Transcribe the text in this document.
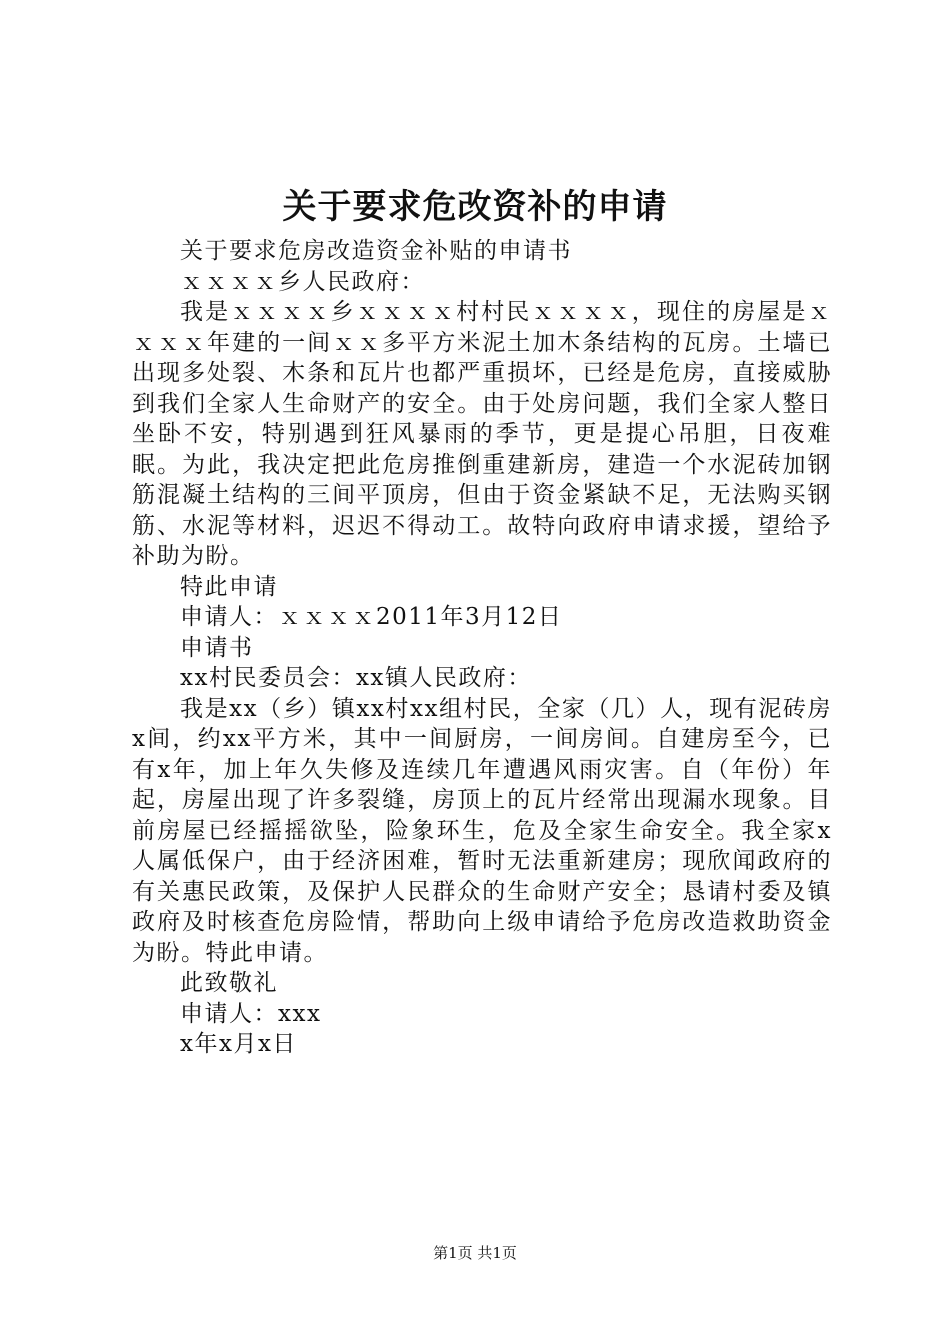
关于要求危改资补的申请

关于要求危房改造资金补贴的申请书

ｘｘｘｘ乡人民政府：

我是ｘｘｘｘ乡ｘｘｘｘ村村民ｘｘｘｘ，现住的房屋是ｘｘｘｘ年建的一间ｘｘ多平方米泥土加木条结构的瓦房。土墙已出现多处裂、木条和瓦片也都严重损坏，已经是危房，直接威胁到我们全家人生命财产的安全。由于处房问题，我们全家人整日坐卧不安，特别遇到狂风暴雨的季节，更是提心吊胆，日夜难眠。为此，我决定把此危房推倒重建新房，建造一个水泥砖加钢筋混凝土结构的三间平顶房，但由于资金紧缺不足，无法购买钢筋、水泥等材料，迟迟不得动工。故特向政府申请求援，望给予补助为盼。

特此申请

申请人：ｘｘｘｘ2011年3月12日

申请书

xx村民委员会：xx镇人民政府：

我是xx（乡）镇xx村xx组村民，全家（几）人，现有泥砖房x间，约xx平方米，其中一间厨房，一间房间。自建房至今，已有x年，加上年久失修及连续几年遭遇风雨灾害。自（年份）年起，房屋出现了许多裂缝，房顶上的瓦片经常出现漏水现象。目前房屋已经摇摇欲坠，险象环生，危及全家生命安全。我全家x人属低保户，由于经济困难，暂时无法重新建房；现欣闻政府的有关惠民政策，及保护人民群众的生命财产安全；恳请村委及镇政府及时核查危房险情，帮助向上级申请给予危房改造救助资金为盼。特此申请。

此致敬礼

申请人：xxx

x年x月x日

第1页 共1页
